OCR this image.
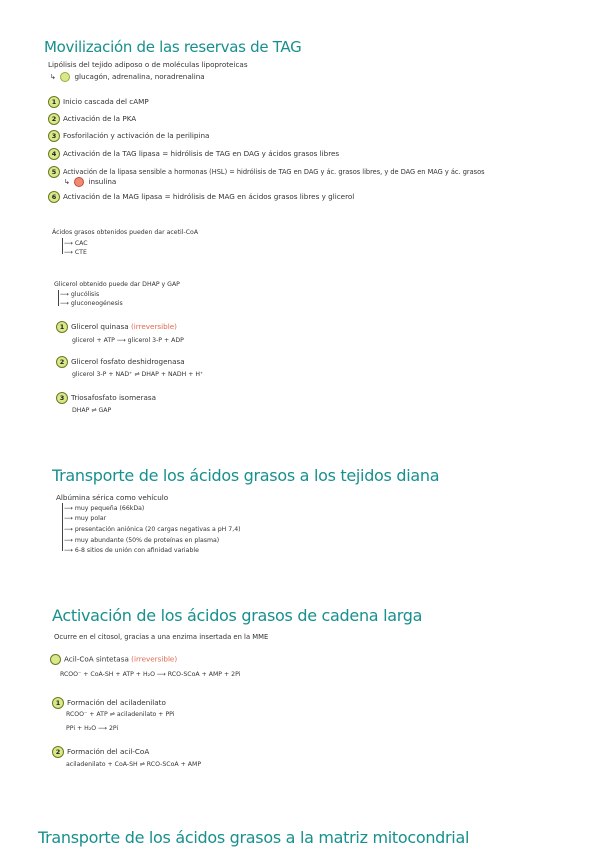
Movilización de las reservas de TAG
Lipólisis del tejido adiposo o de moléculas lipoproteicas
↳	glucagón, adrenalina, noradrenalina
1 Inicio cascada del cAMP
2 Activación de la PKA
3 Fosforilación y activación de la perilipina
4 Activación de la TAG lipasa = hidrólisis de TAG en DAG y ácidos grasos libres
5 Activación de la lipasa sensible a hormonas (HSL) = hidrólisis de TAG en DAG y ác. grasos libres, y de DAG en MAG y ác. grasos
↳	insulina
6 Activación de la MAG lipasa = hidrólisis de MAG en ácidos grasos libres y glicerol
Ácidos grasos obtenidos pueden dar acetil-CoA
⟶ CAC
⟶ CTE
Glicerol obtenido puede dar DHAP y GAP
⟶ glucólisis
⟶ gluconeogénesis
1 Glicerol quinasa (irreversible)
glicerol + ATP ⟶ glicerol 3-P + ADP
2 Glicerol fosfato deshidrogenasa
glicerol 3-P + NAD⁺ ⇌ DHAP + NADH + H⁺
3 Triosafosfato isomerasa
DHAP ⇌ GAP
Transporte de los ácidos grasos a los tejidos diana
Albúmina sérica como vehículo
⟶ muy pequeña (66kDa)
⟶ muy polar
⟶ presentación aniónica (20 cargas negativas a pH 7,4)
⟶ muy abundante (50% de proteínas en plasma)
⟶ 6-8 sitios de unión con afinidad variable
Activación de los ácidos grasos de cadena larga
Ocurre en el citosol, gracias a una enzima insertada en la MME
Acil-CoA sintetasa (irreversible)
RCOO⁻ + CoA-SH + ATP + H₂O ⟶ RCO-SCoA + AMP + 2Pi
1 Formación del aciladenilato
RCOO⁻ + ATP ⇌ aciladenilato + PPi
PPi + H₂O ⟶ 2Pi
2 Formación del acil-CoA
aciladenilato + CoA-SH ⇌ RCO-SCoA + AMP
Transporte de los ácidos grasos a la matriz mitocondrial
